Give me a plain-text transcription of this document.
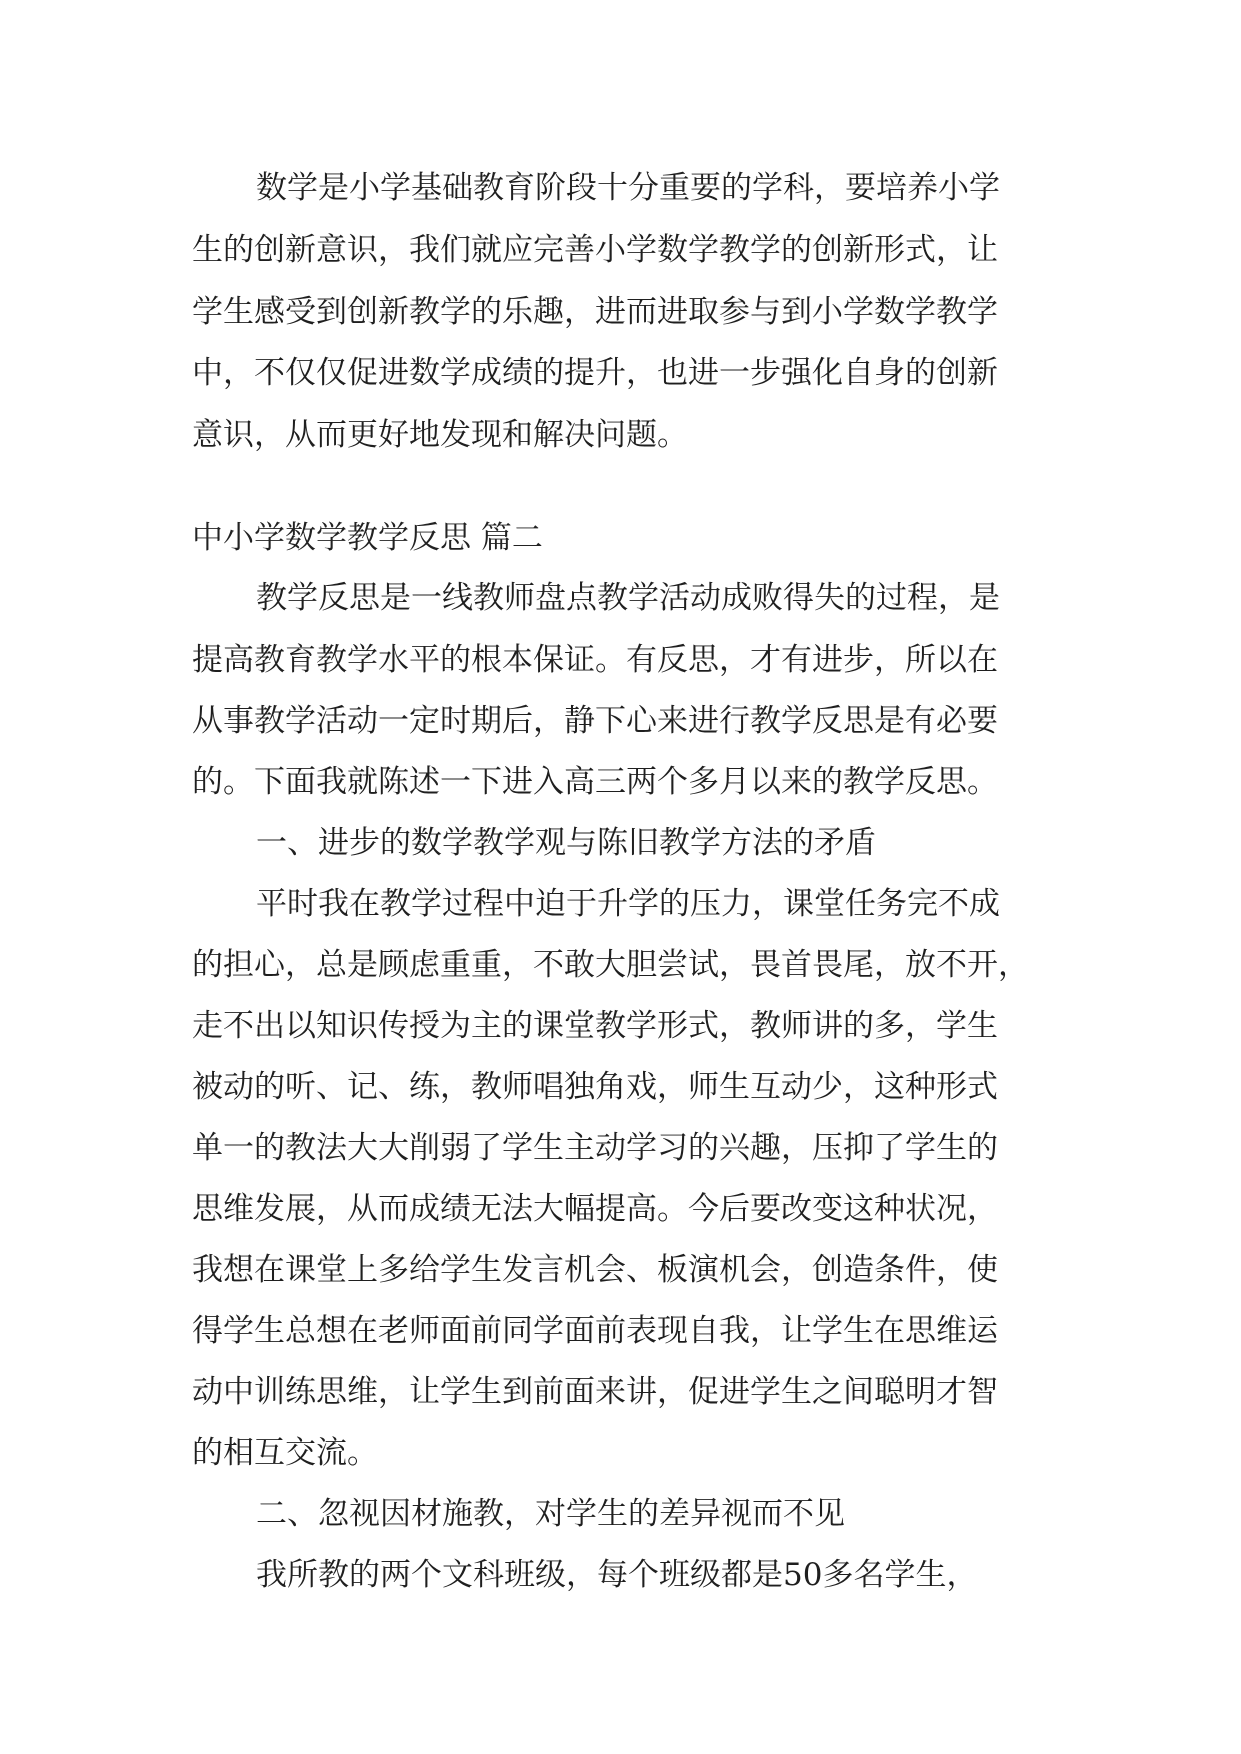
数学是小学基础教育阶段十分重要的学科，要培养小学

生的创新意识，我们就应完善小学数学教学的创新形式，让

学生感受到创新教学的乐趣，进而进取参与到小学数学教学

中，不仅仅促进数学成绩的提升，也进一步强化自身的创新

意识，从而更好地发现和解决问题。

中小学数学教学反思 篇二

教学反思是一线教师盘点教学活动成败得失的过程，是

提高教育教学水平的根本保证。有反思，才有进步，所以在

从事教学活动一定时期后，静下心来进行教学反思是有必要

的。下面我就陈述一下进入高三两个多月以来的教学反思。

一、进步的数学教学观与陈旧教学方法的矛盾

平时我在教学过程中迫于升学的压力，课堂任务完不成

的担心，总是顾虑重重，不敢大胆尝试，畏首畏尾，放不开，

走不出以知识传授为主的课堂教学形式，教师讲的多，学生

被动的听、记、练，教师唱独角戏，师生互动少，这种形式

单一的教法大大削弱了学生主动学习的兴趣，压抑了学生的

思维发展，从而成绩无法大幅提高。今后要改变这种状况，

我想在课堂上多给学生发言机会、板演机会，创造条件，使

得学生总想在老师面前同学面前表现自我，让学生在思维运

动中训练思维，让学生到前面来讲，促进学生之间聪明才智

的相互交流。

二、忽视因材施教，对学生的差异视而不见

我所教的两个文科班级，每个班级都是50多名学生，
